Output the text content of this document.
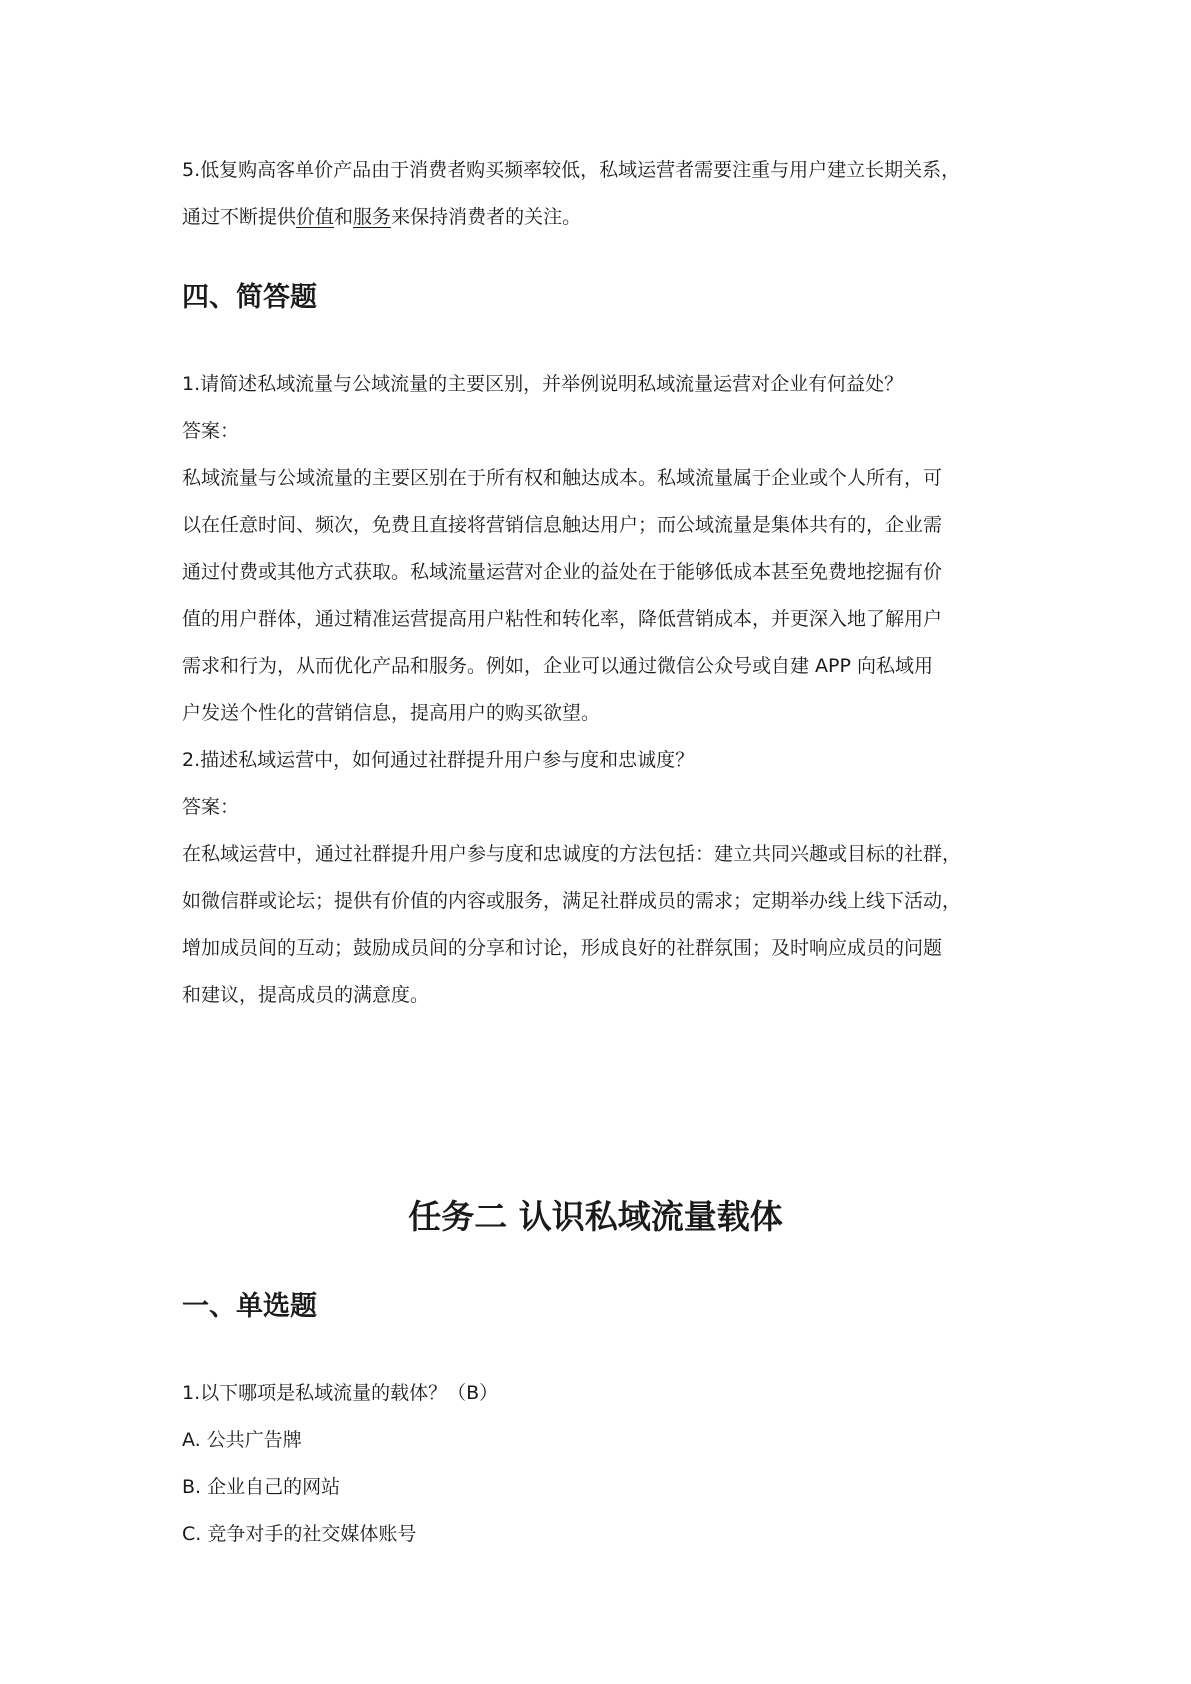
5.低复购高客单价产品由于消费者购买频率较低，私域运营者需要注重与用户建立长期关系，
通过不断提供价值和服务来保持消费者的关注。
四、简答题
1.请简述私域流量与公域流量的主要区别，并举例说明私域流量运营对企业有何益处？
答案：
私域流量与公域流量的主要区别在于所有权和触达成本。私域流量属于企业或个人所有，可
以在任意时间、频次，免费且直接将营销信息触达用户；而公域流量是集体共有的，企业需
通过付费或其他方式获取。私域流量运营对企业的益处在于能够低成本甚至免费地挖掘有价
值的用户群体，通过精准运营提高用户粘性和转化率，降低营销成本，并更深入地了解用户
需求和行为，从而优化产品和服务。例如，企业可以通过微信公众号或自建 APP 向私域用
户发送个性化的营销信息，提高用户的购买欲望。
2.描述私域运营中，如何通过社群提升用户参与度和忠诚度？
答案：
在私域运营中，通过社群提升用户参与度和忠诚度的方法包括：建立共同兴趣或目标的社群，
如微信群或论坛；提供有价值的内容或服务，满足社群成员的需求；定期举办线上线下活动，
增加成员间的互动；鼓励成员间的分享和讨论，形成良好的社群氛围；及时响应成员的问题
和建议，提高成员的满意度。
任务二 认识私域流量载体
一、单选题
1.以下哪项是私域流量的载体？（B）
A. 公共广告牌
B. 企业自己的网站
C. 竞争对手的社交媒体账号
